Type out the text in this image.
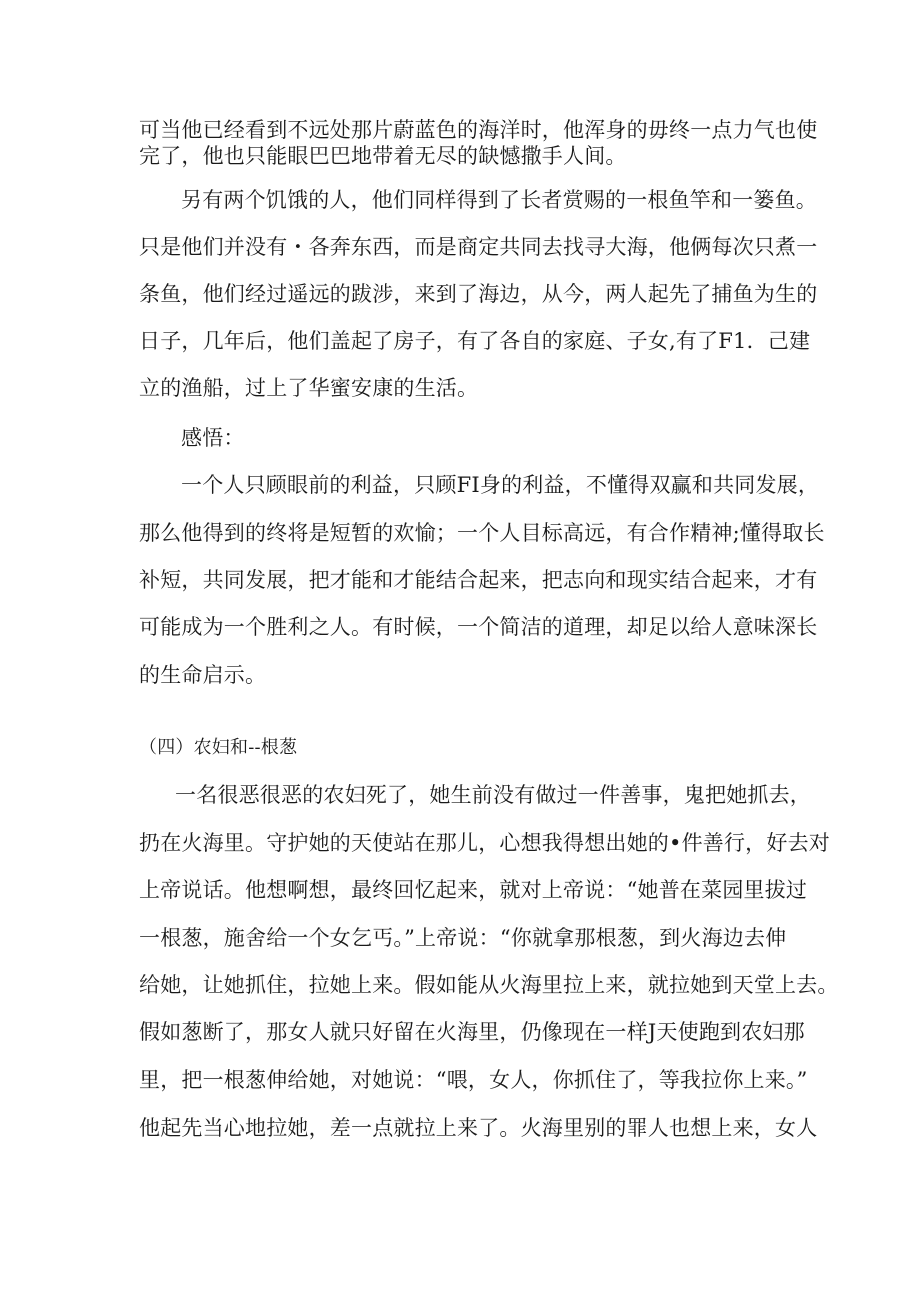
可当他已经看到不远处那片蔚蓝色的海洋时，他浑身的毋终一点力气也使
完了，他也只能眼巴巴地带着无尽的缺憾撒手人间。
另有两个饥饿的人，他们同样得到了长者赏赐的一根鱼竿和一篓鱼。
只是他们并没有・各奔东西，而是商定共同去找寻大海，他俩每次只煮一
条鱼，他们经过遥远的跋涉，来到了海边，从今，两人起先了捕鱼为生的
日子，几年后，他们盖起了房子，有了各自的家庭、子女,有了F1．己建
立的渔船，过上了华蜜安康的生活。
感悟：
一个人只顾眼前的利益，只顾FI身的利益，不懂得双赢和共同发展，
那么他得到的终将是短暂的欢愉；一个人目标高远，有合作精神;懂得取长
补短，共同发展，把才能和才能结合起来，把志向和现实结合起来，才有
可能成为一个胜利之人。有时候，一个简洁的道理，却足以给人意味深长
的生命启示。
（四）农妇和--根葱
一名很恶很恶的农妇死了，她生前没有做过一件善事，鬼把她抓去，
扔在火海里。守护她的天使站在那儿，心想我得想出她的•件善行，好去对
上帝说话。他想啊想，最终回忆起来，就对上帝说：“她普在菜园里拔过
一根葱，施舍给一个女乞丐。”上帝说：“你就拿那根葱，到火海边去伸
给她，让她抓住，拉她上来。假如能从火海里拉上来，就拉她到天堂上去。
假如葱断了，那女人就只好留在火海里，仍像现在一样J天使跑到农妇那
里，把一根葱伸给她，对她说：“喂，女人，你抓住了，等我拉你上来。”
他起先当心地拉她，差一点就拉上来了。火海里别的罪人也想上来，女人
